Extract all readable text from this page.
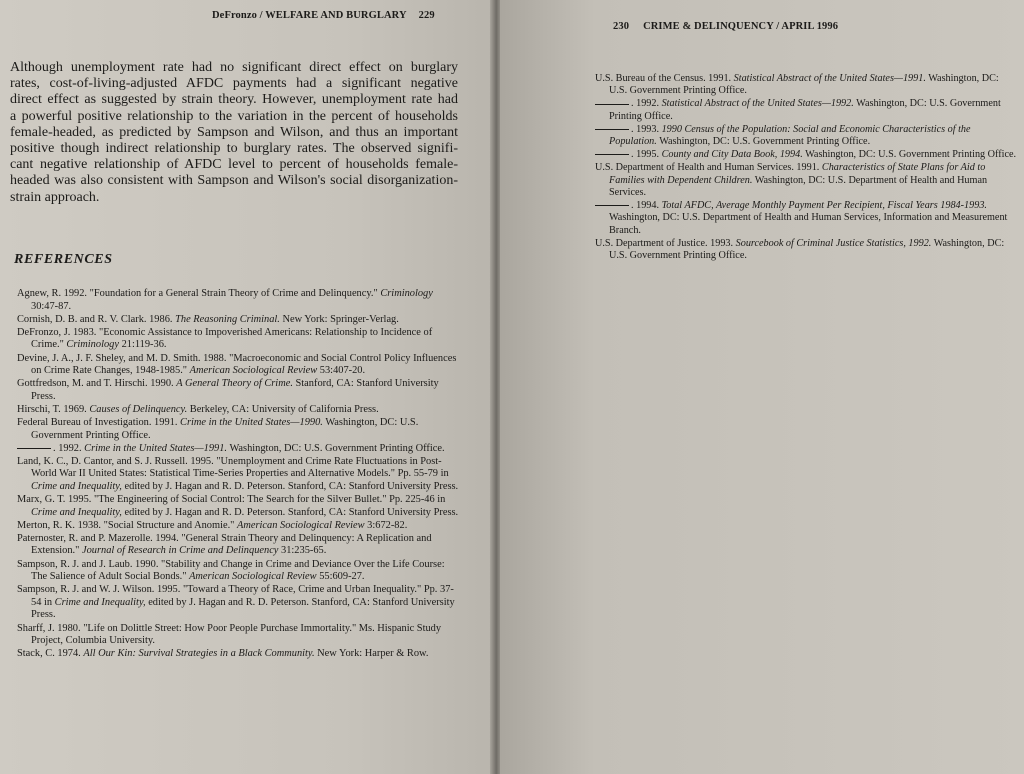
DeFronzo / WELFARE AND BURGLARY 229

Although unemployment rate had no significant direct effect on burglary
rates, cost-of-living-adjusted AFDC payments had a significant negative
direct effect as suggested by strain theory. However, unemployment rate had
a powerful positive relationship to the variation in the percent of households
female-headed, as predicted by Sampson and Wilson, and thus an important
positive though indirect relationship to burglary rates. The observed signifi-
cant negative relationship of AFDC level to percent of households female-
headed was also consistent with Sampson and Wilson's social disorganization-
strain approach.

REFERENCES
Agnew, R. 1992. "Foundation for a General Strain Theory of Crime and Delinquency." Criminology 30:47-87.
Cornish, D. B. and R. V. Clark. 1986. The Reasoning Criminal. New York: Springer-Verlag.
DeFronzo, J. 1983. "Economic Assistance to Impoverished Americans: Relationship to Incidence of Crime." Criminology 21:119-36.
Devine, J. A., J. F. Sheley, and M. D. Smith. 1988. "Macroeconomic and Social Control Policy Influences on Crime Rate Changes, 1948-1985." American Sociological Review 53:407-20.
Gottfredson, M. and T. Hirschi. 1990. A General Theory of Crime. Stanford, CA: Stanford University Press.
Hirschi, T. 1969. Causes of Delinquency. Berkeley, CA: University of California Press.
Federal Bureau of Investigation. 1991. Crime in the United States—1990. Washington, DC: U.S. Government Printing Office.
. 1992. Crime in the United States—1991. Washington, DC: U.S. Government Printing Office.
Land, K. C., D. Cantor, and S. J. Russell. 1995. "Unemployment and Crime Rate Fluctuations in Post-World War II United States: Statistical Time-Series Properties and Alternative Models." Pp. 55-79 in Crime and Inequality, edited by J. Hagan and R. D. Peterson. Stanford, CA: Stanford University Press.
Marx, G. T. 1995. "The Engineering of Social Control: The Search for the Silver Bullet." Pp. 225-46 in Crime and Inequality, edited by J. Hagan and R. D. Peterson. Stanford, CA: Stanford University Press.
Merton, R. K. 1938. "Social Structure and Anomie." American Sociological Review 3:672-82.
Paternoster, R. and P. Mazerolle. 1994. "General Strain Theory and Delinquency: A Replication and Extension." Journal of Research in Crime and Delinquency 31:235-65.
Sampson, R. J. and J. Laub. 1990. "Stability and Change in Crime and Deviance Over the Life Course: The Salience of Adult Social Bonds." American Sociological Review 55:609-27.
Sampson, R. J. and W. J. Wilson. 1995. "Toward a Theory of Race, Crime and Urban Inequality." Pp. 37-54 in Crime and Inequality, edited by J. Hagan and R. D. Peterson. Stanford, CA: Stanford University Press.
Sharff, J. 1980. "Life on Dolittle Street: How Poor People Purchase Immortality." Ms. Hispanic Study Project, Columbia University.
Stack, C. 1974. All Our Kin: Survival Strategies in a Black Community. New York: Harper & Row.
230 CRIME & DELINQUENCY / APRIL 1996
U.S. Bureau of the Census. 1991. Statistical Abstract of the United States—1991. Washington, DC: U.S. Government Printing Office.
. 1992. Statistical Abstract of the United States—1992. Washington, DC: U.S. Government Printing Office.
. 1993. 1990 Census of the Population: Social and Economic Characteristics of the Population. Washington, DC: U.S. Government Printing Office.
. 1995. County and City Data Book, 1994. Washington, DC: U.S. Government Printing Office.
U.S. Department of Health and Human Services. 1991. Characteristics of State Plans for Aid to Families with Dependent Children. Washington, DC: U.S. Department of Health and Human Services.
. 1994. Total AFDC, Average Monthly Payment Per Recipient, Fiscal Years 1984-1993. Washington, DC: U.S. Department of Health and Human Services, Information and Measurement Branch.
U.S. Department of Justice. 1993. Sourcebook of Criminal Justice Statistics, 1992. Washington, DC: U.S. Government Printing Office.
